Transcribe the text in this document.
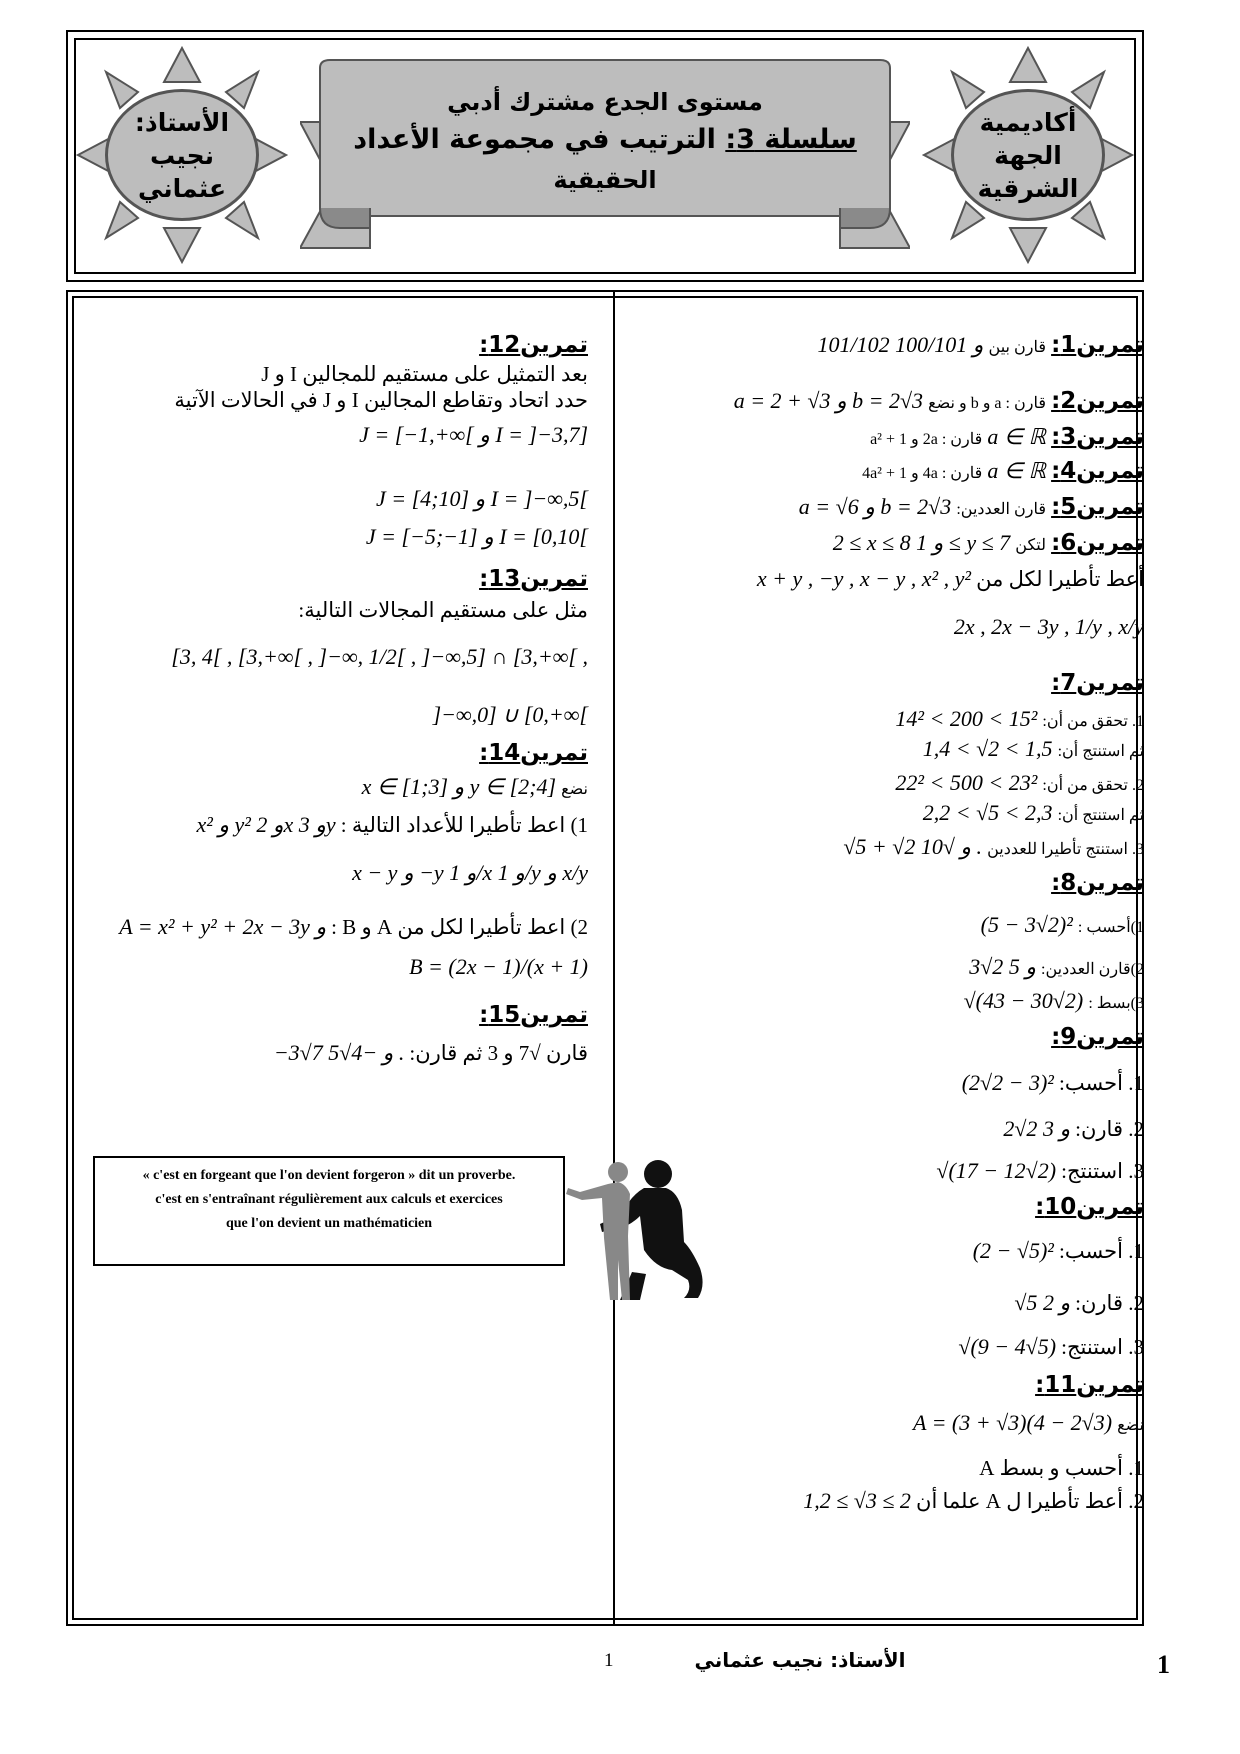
الأستاذ:
نجيب
عثماني
أكاديمية
الجهة
الشرقية
مستوى الجدع مشترك أدبي
سلسلة 3: الترتيب في مجموعة الأعداد
الحقيقية
تمرين1: قارن بين 101/102 و 100/101
تمرين2: قارن : a و b و نضع a = 2 + √3 و b = 2√3
تمرين3: a ∈ ℝ قارن : 2a و a² + 1
تمرين4: a ∈ ℝ قارن : 4a و 4a² + 1
تمرين5: قارن العددين: a = √6 و b = 2√3
تمرين6: لتكن 2 ≤ x ≤ 8 و 1 ≤ y ≤ 7
أعط تأطيرا لكل من x + y , −y , x − y , x² , y²
2x , 2x − 3y , 1/y , x/y
تمرين7:
1. تحقق من أن: 14² < 200 < 15²
ثم استنتج أن: 1,4 < √2 < 1,5
2. تحقق من أن: 22² < 500 < 23²
ثم استنتج أن: 2,2 < √5 < 2,3
3. استنتج تأطيرا للعددين √5 + √2 و √10 .
تمرين8:
1)أحسب : (5 − 3√2)²
2)قارن العددين: 3√2 و 5
3)بسط : √(43 − 30√2)
تمرين9:
1. أحسب: (2√2 − 3)²
2. قارن: 2√2 و 3
3. استنتج: √(17 − 12√2)
تمرين10:
1. أحسب: (2 − √5)²
2. قارن: √5 و 2
3. استنتج: √(9 − 4√5)
تمرين11:
نضع A = (3 + √3)(4 − 2√3)
1. أحسب و بسط A
2. أعط تأطيرا ل A علما أن 1,2 ≤ √3 ≤ 2
تمرين12:
بعد التمثيل على مستقيم للمجالين I و J
حدد اتحاد وتقاطع المجالين I و J في الحالات الآتية
J = [−1,+∞[ و I = ]−3,7]
J = [4;10] و I = ]−∞,5[
J = [−5;−1] و I = [0,10[
تمرين13:
مثل على مستقيم المجالات التالية:
[3, 4[ , [3,+∞[ , ]−∞, 1/2[ , ]−∞,5] ∩ [3,+∞[ ,
]−∞,0] ∪ [0,+∞[
تمرين14:
نضع x ∈ [1;3] و y ∈ [2;4]
1) اعط تأطيرا للأعداد التالية : x² و y² و 2x و 3y
x − y و −y و 1/x و 1/y و x/y
2) اعط تأطيرا لكل من A و B : A = x² + y² + 2x − 3y و
B = (2x − 1)/(x + 1)
تمرين15:
قارن √7 و 3 ثم قارن: −3√7 و −4√5 .
« c'est en forgeant que l'on devient forgeron » dit un proverbe.
c'est en s'entraînant régulièrement aux calculs et exercices
que l'on devient un mathématicien
الأستاذ: نجيب عثماني
1	1
